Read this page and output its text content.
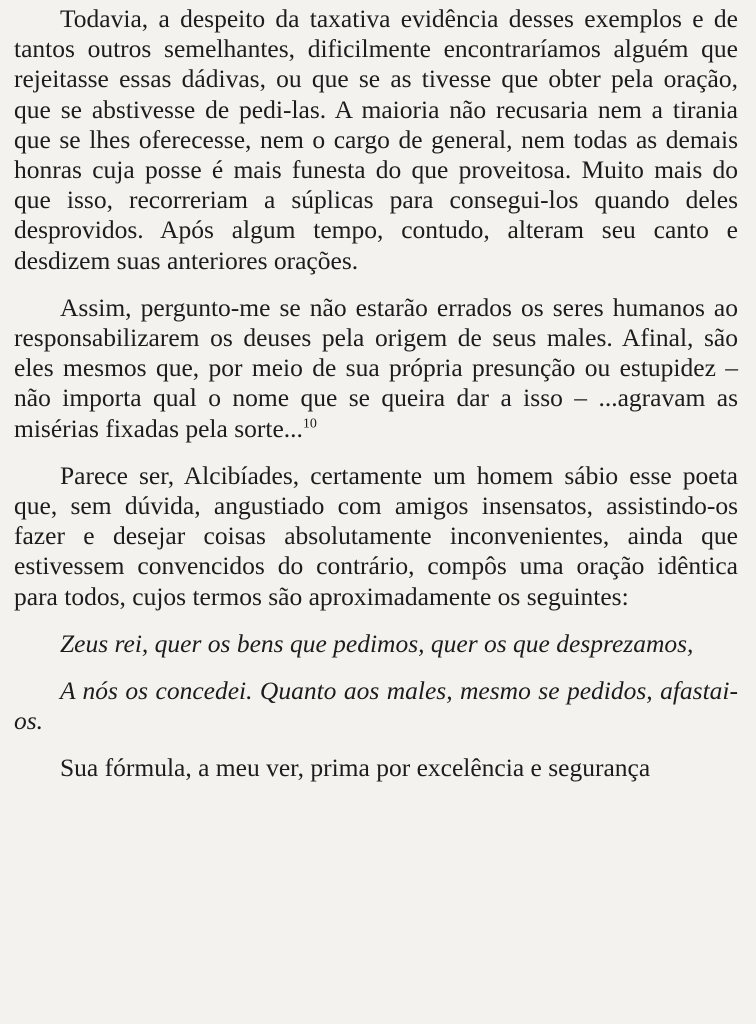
Todavia, a despeito da taxativa evidência desses exemplos e de tantos outros semelhantes, dificilmente encontraríamos alguém que rejeitasse essas dádivas, ou que se as tivesse que obter pela oração, que se abstivesse de pedi-las. A maioria não recusaria nem a tirania que se lhes oferecesse, nem o cargo de general, nem todas as demais honras cuja posse é mais funesta do que proveitosa. Muito mais do que isso, recorreriam a súplicas para consegui-los quando deles desprovidos. Após algum tempo, contudo, alteram seu canto e desdizem suas anteriores orações.

Assim, pergunto-me se não estarão errados os seres humanos ao responsabilizarem os deuses pela origem de seus males. Afinal, são eles mesmos que, por meio de sua própria presunção ou estupidez – não importa qual o nome que se queira dar a isso – ...agravam as misérias fixadas pela sorte...$^{10}$

Parece ser, Alcibíades, certamente um homem sábio esse poeta que, sem dúvida, angustiado com amigos insensatos, assistindo-os fazer e desejar coisas absolutamente inconvenientes, ainda que estivessem convencidos do contrário, compôs uma oração idêntica para todos, cujos termos são aproximadamente os seguintes:

Zeus rei, quer os bens que pedimos, quer os que desprezamos,

A nós os concedei. Quanto aos males, mesmo se pedidos, afastai-os.

Sua fórmula, a meu ver, prima por excelência e segurança
